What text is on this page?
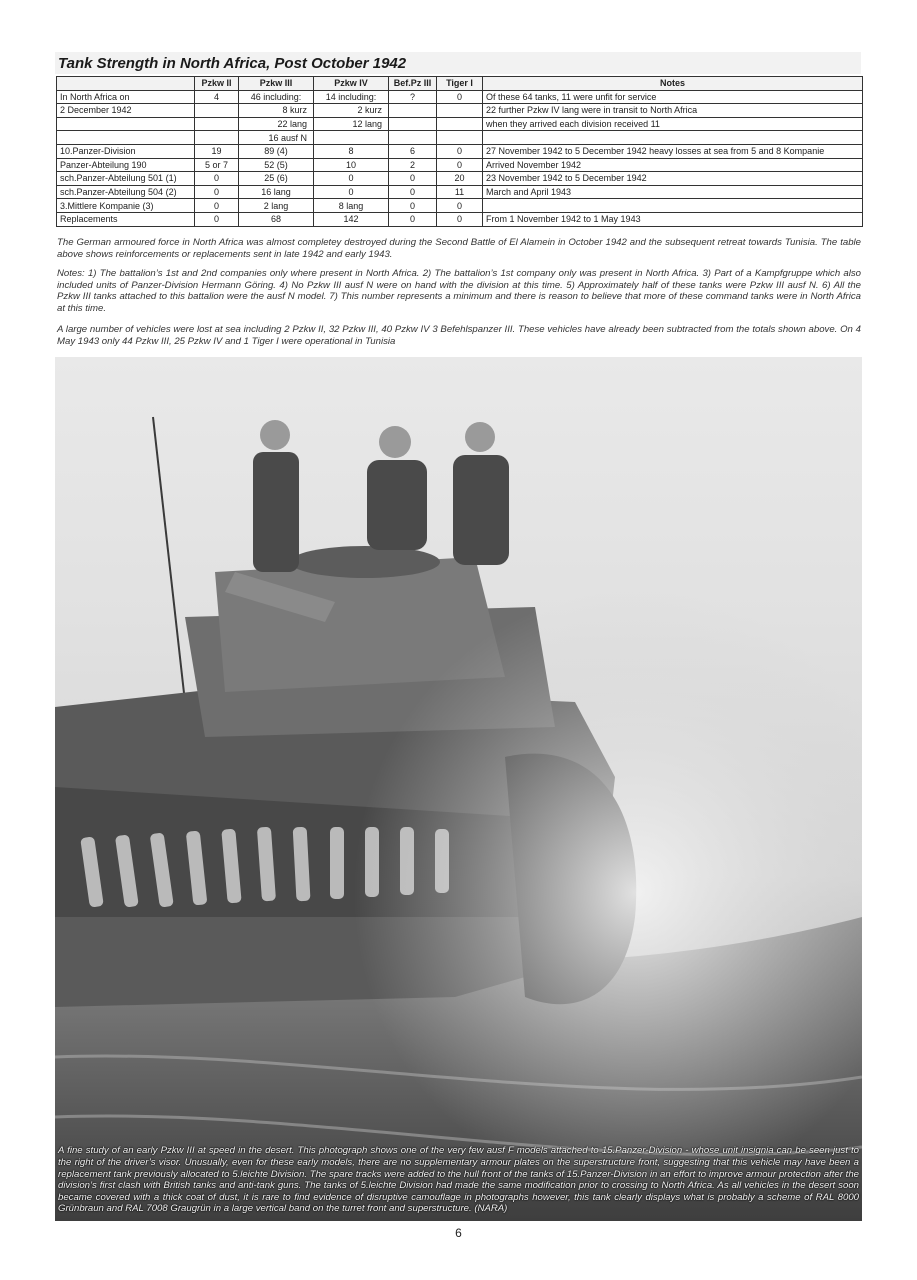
Tank Strength in North Africa, Post October 1942
	Pzkw II	Pzkw III	Pzkw IV	Bef.Pz III	Tiger I	Notes
In North Africa on	4	46 including:	14 including:	?	0	Of these 64 tanks, 11 were unfit for service
2 December 1942		8 kurz	2 kurz			22 further Pzkw IV lang were in transit to North Africa
		22 lang	12 lang			when they arrived each division received 11
		16 ausf N				
10.Panzer-Division	19	89 (4)	8	6	0	27 November 1942 to 5 December 1942 heavy losses at sea from 5 and 8 Kompanie
Panzer-Abteilung 190	5 or 7	52 (5)	10	2	0	Arrived November 1942
sch.Panzer-Abteilung 501 (1)	0	25 (6)	0	0	20	23 November 1942 to 5 December 1942
sch.Panzer-Abteilung 504 (2)	0	16 lang	0	0	11	March and April 1943
3.Mittlere Kompanie (3)	0	2 lang	8 lang	0	0	
Replacements	0	68	142	0	0	From 1 November 1942 to 1 May 1943
The German armoured force in North Africa was almost completey destroyed during the Second Battle of El Alamein in October 1942 and the subsequent retreat towards Tunisia. The table above shows reinforcements or replacements sent in late 1942 and early 1943.
Notes: 1) The battalion’s 1st and 2nd companies only where present in North Africa. 2) The battalion’s 1st company only was present in North Africa. 3) Part of a Kampfgruppe which also included units of Panzer-Division Hermann Göring. 4) No Pzkw III ausf N were on hand with the division at this time. 5) Approximately half of these tanks were Pzkw III ausf N. 6) All the Pzkw III tanks attached to this battalion were the ausf N model. 7) This number represents a minimum and there is reason to believe that more of these command tanks were in North Africa at this time.
A large number of vehicles were lost at sea including 2 Pzkw II, 32 Pzkw III, 40 Pzkw IV 3 Befehlspanzer III. These vehicles have already been subtracted from the totals shown above. On 4 May 1943 only 44 Pzkw III, 25 Pzkw IV and 1 Tiger I were operational in Tunisia
A fine study of an early Pzkw III at speed in the desert. This photograph shows one of the very few ausf F models attached to 15.Panzer-Division - whose unit insignia can be seen just to the right of the driver’s visor. Unusually, even for these early models, there are no supplementary armour plates on the superstructure front, suggesting that this vehicle may have been a replacement tank previously allocated to 5.leichte Division. The spare tracks were added to the hull front of the tanks of 15.Panzer-Division in an effort to improve armour protection after the division’s first clash with British tanks and anti-tank guns. The tanks of 5.leichte Division had made the same modification prior to crossing to North Africa. As all vehicles in the desert soon became covered with a thick coat of dust, it is rare to find evidence of disruptive camouflage in photographs however, this tank clearly displays what is probably a scheme of RAL 8000 Grünbraun and RAL 7008 Graugrün in a large vertical band on the turret front and superstructure. (NARA)
6
